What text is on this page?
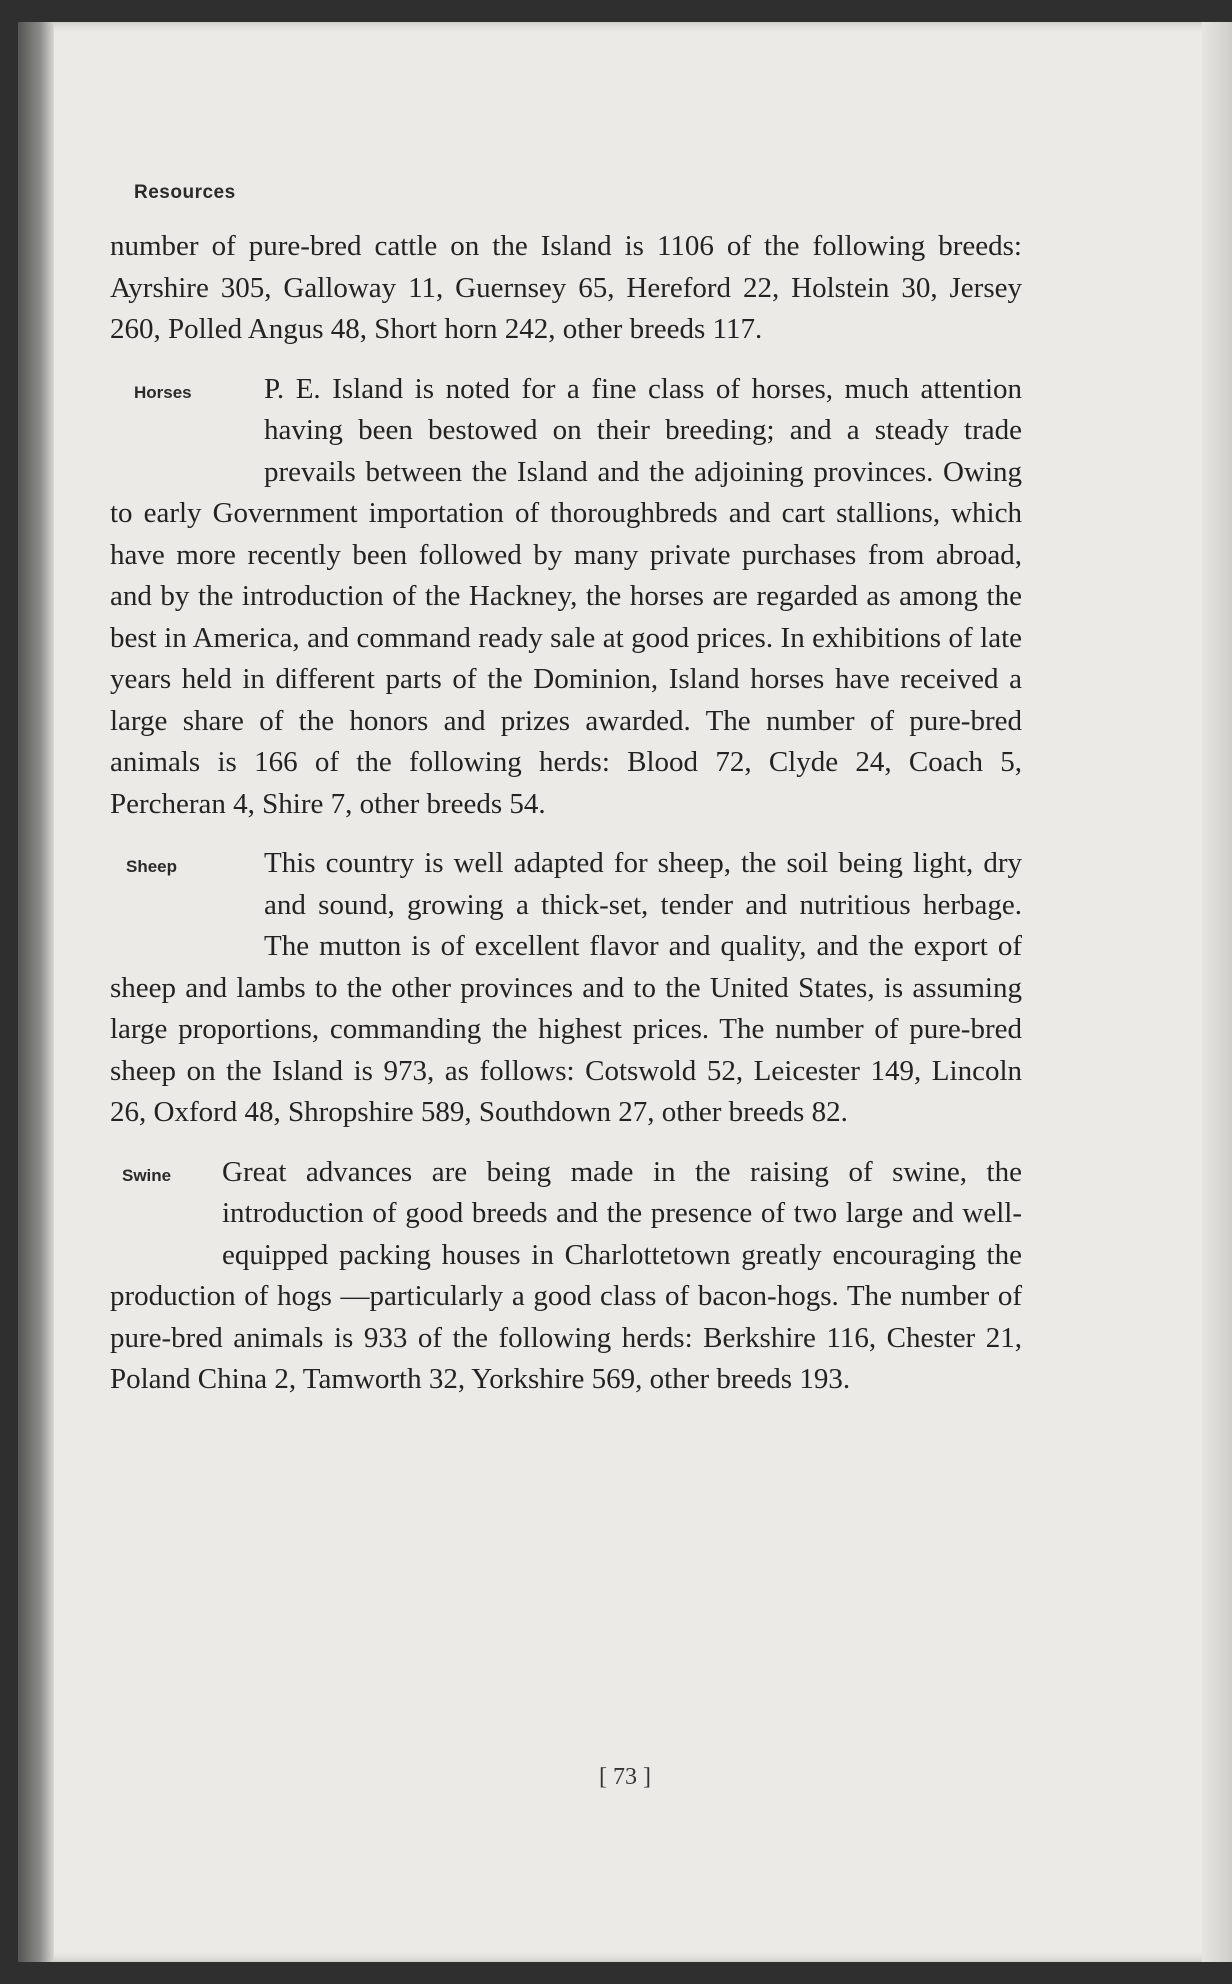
Resources

number of pure-bred cattle on the Island is 1106 of the following breeds: Ayrshire 305, Galloway 11, Guernsey 65, Hereford 22, Holstein 30, Jersey 260, Polled Angus 48, Short horn 242, other breeds 117.

Horses	P. E. Island is noted for a fine class of horses, much attention having been bestowed on their breeding; and a steady trade prevails between the Island and the adjoining provinces. Owing to early Government importation of thoroughbreds and cart stallions, which have more recently been followed by many private purchases from abroad, and by the introduction of the Hackney, the horses are regarded as among the best in America, and command ready sale at good prices. In exhibitions of late years held in different parts of the Dominion, Island horses have received a large share of the honors and prizes awarded. The number of pure-bred animals is 166 of the following herds: Blood 72, Clyde 24, Coach 5, Percheran 4, Shire 7, other breeds 54.

Sheep	This country is well adapted for sheep, the soil being light, dry and sound, growing a thick-set, tender and nutritious herbage. The mutton is of excellent flavor and quality, and the export of sheep and lambs to the other provinces and to the United States, is assuming large proportions, commanding the highest prices. The number of pure-bred sheep on the Island is 973, as follows: Cotswold 52, Leicester 149, Lincoln 26, Oxford 48, Shropshire 589, Southdown 27, other breeds 82.

Swine	Great advances are being made in the raising of swine, the introduction of good breeds and the presence of two large and well-equipped packing houses in Charlottetown greatly encouraging the production of hogs —particularly a good class of bacon-hogs. The number of pure-bred animals is 933 of the following herds: Berkshire 116, Chester 21, Poland China 2, Tamworth 32, Yorkshire 569, other breeds 193.

[ 73 ]
